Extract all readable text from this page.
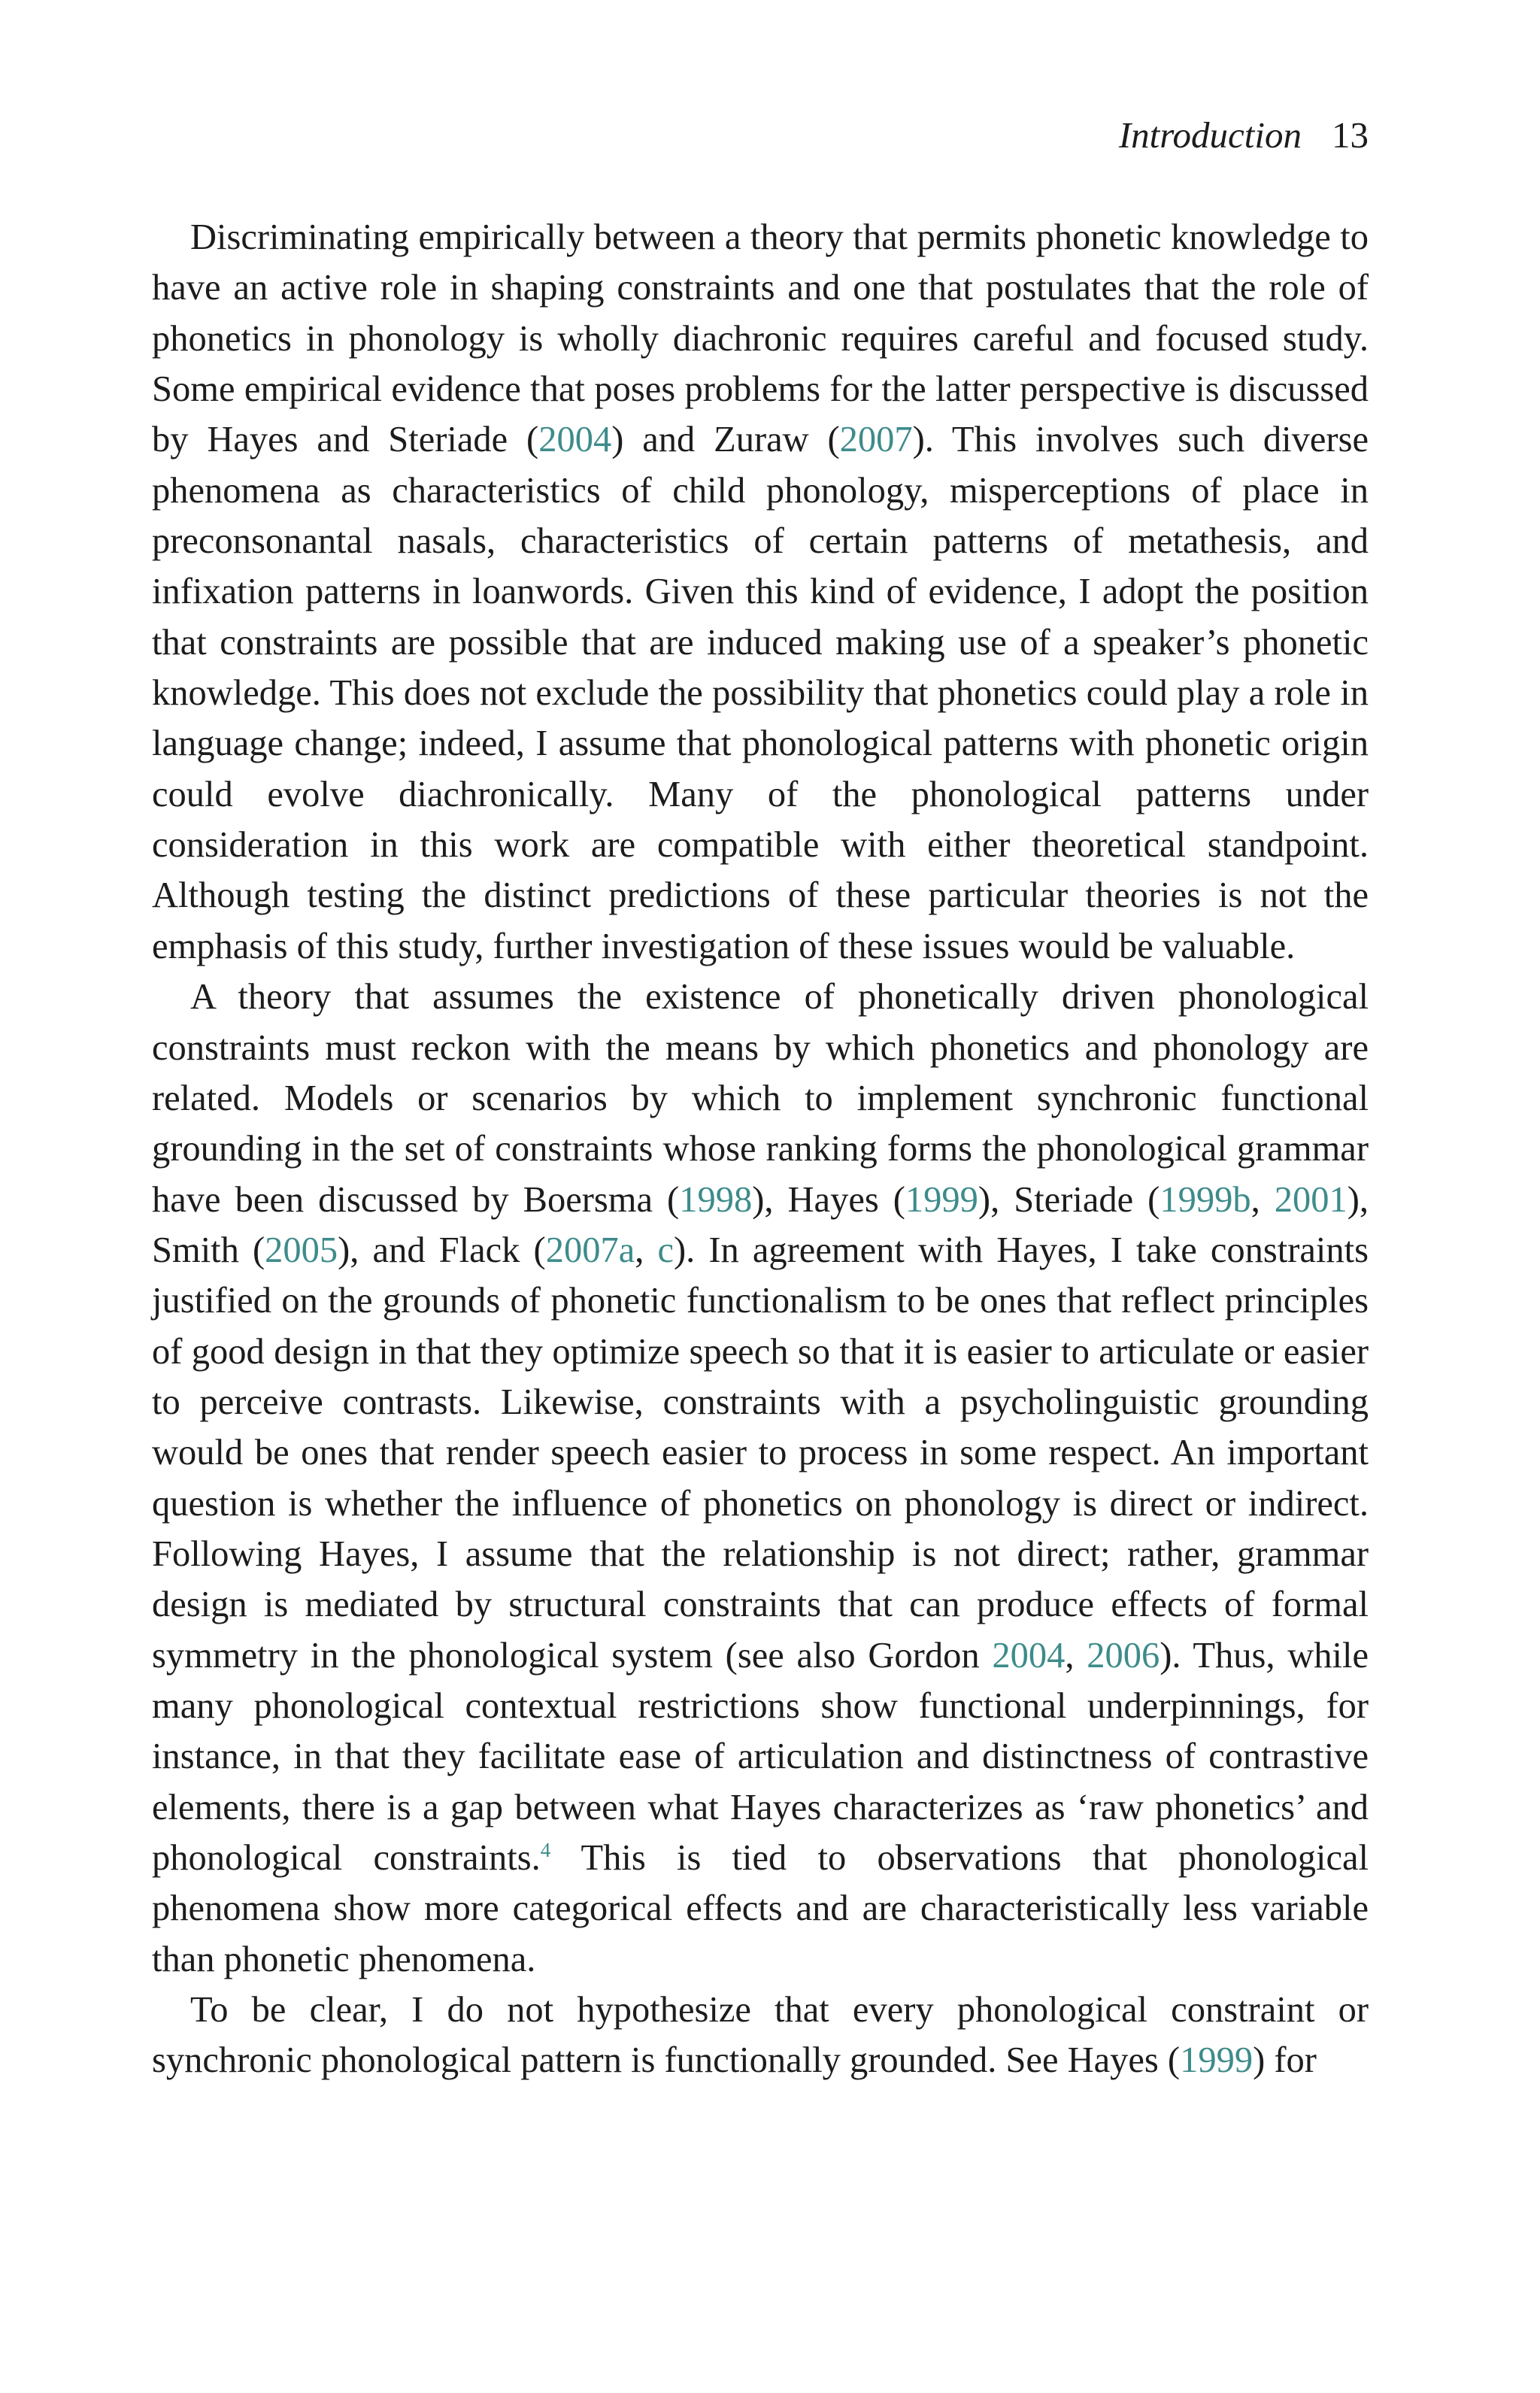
Introduction 13

Discriminating empirically between a theory that permits phonetic knowledge to have an active role in shaping constraints and one that postulates that the role of phonetics in phonology is wholly diachronic requires careful and focused study. Some empirical evidence that poses problems for the latter perspective is discussed by Hayes and Steriade (2004) and Zuraw (2007). This involves such diverse phenomena as characteristics of child phonology, misperceptions of place in preconsonantal nasals, characteristics of certain patterns of metathesis, and infixation patterns in loanwords. Given this kind of evidence, I adopt the position that constraints are possible that are induced making use of a speaker’s phonetic knowledge. This does not exclude the possibility that phonetics could play a role in language change; indeed, I assume that phonological patterns with phonetic origin could evolve diachronically. Many of the phonological patterns under consideration in this work are compatible with either theoretical standpoint. Although testing the distinct predictions of these particular theories is not the emphasis of this study, further investigation of these issues would be valuable.

A theory that assumes the existence of phonetically driven phonological constraints must reckon with the means by which phonetics and phonology are related. Models or scenarios by which to implement synchronic functional grounding in the set of constraints whose ranking forms the phonological grammar have been discussed by Boersma (1998), Hayes (1999), Steriade (1999b, 2001), Smith (2005), and Flack (2007a, c). In agreement with Hayes, I take constraints justified on the grounds of phonetic functionalism to be ones that reflect principles of good design in that they optimize speech so that it is easier to articulate or easier to perceive contrasts. Likewise, constraints with a psycholinguistic grounding would be ones that render speech easier to process in some respect. An important question is whether the influence of phonetics on phonology is direct or indirect. Following Hayes, I assume that the relationship is not direct; rather, grammar design is mediated by structural constraints that can produce effects of formal symmetry in the phonological system (see also Gordon 2004, 2006). Thus, while many phonological contextual restrictions show functional underpinnings, for instance, in that they facilitate ease of articulation and distinctness of contrastive elements, there is a gap between what Hayes characterizes as ‘raw phonetics’ and phonological constraints.$^4$ This is tied to observations that phonological phenomena show more categorical effects and are characteristically less variable than phonetic phenomena.

To be clear, I do not hypothesize that every phonological constraint or synchronic phonological pattern is functionally grounded. See Hayes (1999) for
